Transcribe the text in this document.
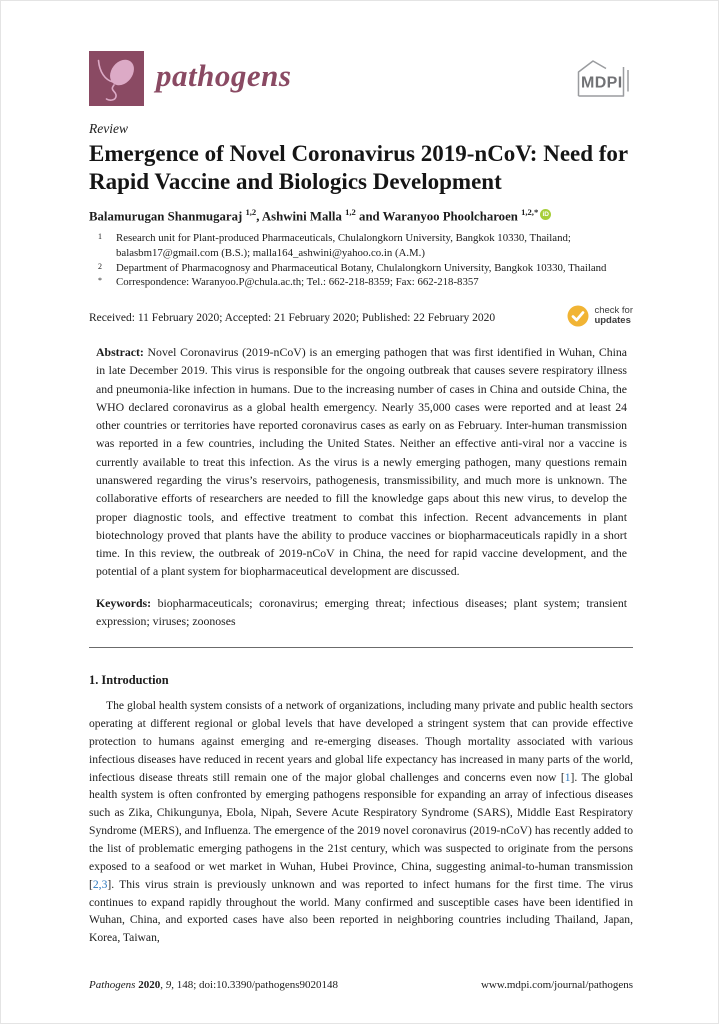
pathogens	MDPI
Review
Emergence of Novel Coronavirus 2019-nCoV: Need for Rapid Vaccine and Biologics Development
Balamurugan Shanmugaraj $^{1,2}$, Ashwini Malla $^{1,2}$ and Waranyoo Phoolcharoen $^{1,2,*}$ iD
1	Research unit for Plant-produced Pharmaceuticals, Chulalongkorn University, Bangkok 10330, Thailand; balasbm17@gmail.com (B.S.); malla164_ashwini@yahoo.co.in (A.M.)
2	Department of Pharmacognosy and Pharmaceutical Botany, Chulalongkorn University, Bangkok 10330, Thailand
*	Correspondence: Waranyoo.P@chula.ac.th; Tel.: 662-218-8359; Fax: 662-218-8357
Received: 11 February 2020; Accepted: 21 February 2020; Published: 22 February 2020
check for
updates

Abstract: Novel Coronavirus (2019-nCoV) is an emerging pathogen that was first identified in Wuhan, China in late December 2019. This virus is responsible for the ongoing outbreak that causes severe respiratory illness and pneumonia-like infection in humans. Due to the increasing number of cases in China and outside China, the WHO declared coronavirus as a global health emergency. Nearly 35,000 cases were reported and at least 24 other countries or territories have reported coronavirus cases as early on as February. Inter-human transmission was reported in a few countries, including the United States. Neither an effective anti-viral nor a vaccine is currently available to treat this infection. As the virus is a newly emerging pathogen, many questions remain unanswered regarding the virus’s reservoirs, pathogenesis, transmissibility, and much more is unknown. The collaborative efforts of researchers are needed to fill the knowledge gaps about this new virus, to develop the proper diagnostic tools, and effective treatment to combat this infection. Recent advancements in plant biotechnology proved that plants have the ability to produce vaccines or biopharmaceuticals rapidly in a short time. In this review, the outbreak of 2019-nCoV in China, the need for rapid vaccine development, and the potential of a plant system for biopharmaceutical development are discussed.

Keywords: biopharmaceuticals; coronavirus; emerging threat; infectious diseases; plant system; transient expression; viruses; zoonoses

1. Introduction

The global health system consists of a network of organizations, including many private and public health sectors operating at different regional or global levels that have developed a stringent system that can provide effective protection to humans against emerging and re-emerging diseases. Though mortality associated with various infectious diseases have reduced in recent years and global life expectancy has increased in many parts of the world, infectious disease threats still remain one of the major global challenges and concerns even now [1]. The global health system is often confronted by emerging pathogens responsible for expanding an array of infectious diseases such as Zika, Chikungunya, Ebola, Nipah, Severe Acute Respiratory Syndrome (SARS), Middle East Respiratory Syndrome (MERS), and Influenza. The emergence of the 2019 novel coronavirus (2019-nCoV) has recently added to the list of problematic emerging pathogens in the 21st century, which was suspected to originate from the persons exposed to a seafood or wet market in Wuhan, Hubei Province, China, suggesting animal-to-human transmission [2,3]. This virus strain is previously unknown and was reported to infect humans for the first time. The virus continues to expand rapidly throughout the world. Many confirmed and susceptible cases have been identified in Wuhan, China, and exported cases have also been reported in neighboring countries including Thailand, Japan, Korea, Taiwan,

Pathogens 2020, 9, 148; doi:10.3390/pathogens9020148	www.mdpi.com/journal/pathogens
